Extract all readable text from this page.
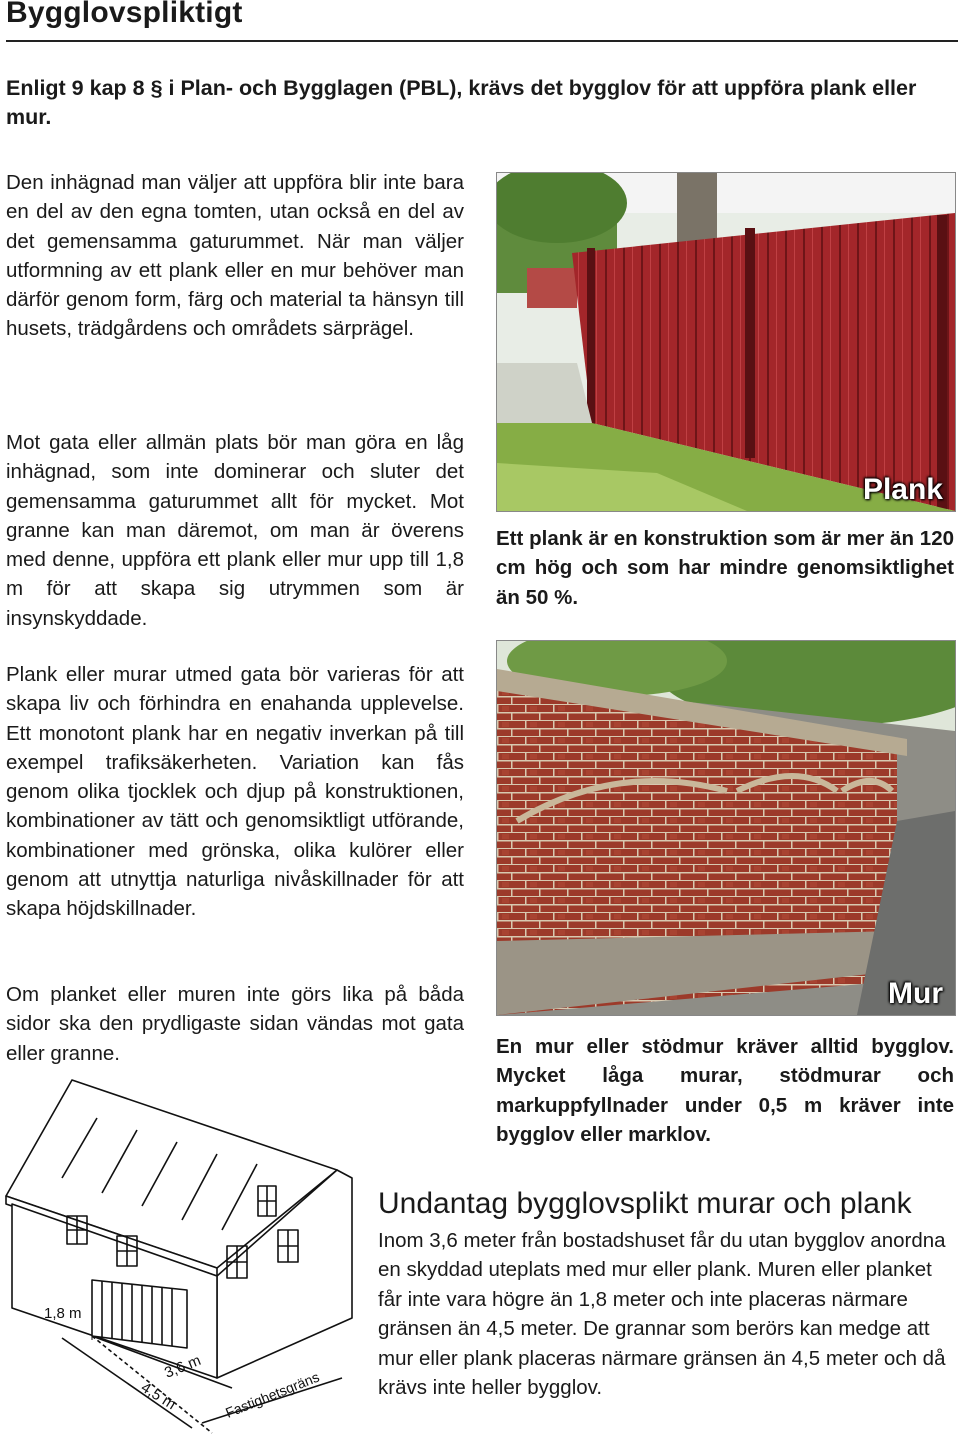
Bygglovspliktigt
Enligt 9 kap 8 § i Plan- och Bygglagen (PBL), krävs det bygglov för att uppföra plank eller mur.
Den inhägnad man väljer att uppföra blir inte bara en del av den egna tomten, utan också en del av det gemensamma gaturummet. När man väljer utformning av ett plank eller en mur behöver man därför genom form, färg och material ta hänsyn till husets, trädgårdens och områdets särprägel.
Mot gata eller allmän plats bör man göra en låg inhägnad, som inte dominerar och sluter det gemensamma gaturummet allt för mycket. Mot granne kan man däremot, om man är överens med denne, uppföra ett plank eller mur upp till 1,8 m för att skapa sig utrymmen som är insynskyddade.
Plank eller murar utmed gata bör varieras för att skapa liv och förhindra en enahanda upplevelse. Ett monotont plank har en negativ inverkan på till exempel trafiksäkerheten. Variation kan fås genom olika tjocklek och djup på konstruktionen, kombinationer av tätt och genomsiktligt utförande, kombinationer med grönska, olika kulörer eller genom att utnyttja naturliga nivåskillnader för att skapa höjdskillnader.
Om planket eller muren inte görs lika på båda sidor ska den prydligaste sidan vändas mot gata eller granne.
Plank
Ett plank är en konstruktion som är mer än 120 cm hög och som har mindre genomsiktlighet än 50 %.
Mur
En mur eller stödmur kräver alltid bygglov. Mycket låga murar, stödmurar och markuppfyllnader under 0,5 m kräver inte bygglov eller marklov.
1,8 m
3,6 m
4,5 m	Fastighetsgräns
Undantag bygglovsplikt murar och plank
Inom 3,6 meter från bostadshuset får du utan bygglov anordna en skyddad uteplats med mur eller plank. Muren eller planket får inte vara högre än 1,8 meter och inte placeras närmare gränsen än 4,5 meter. De grannar som berörs kan medge att mur eller plank placeras närmare gränsen än 4,5 meter och då krävs inte heller bygglov.
